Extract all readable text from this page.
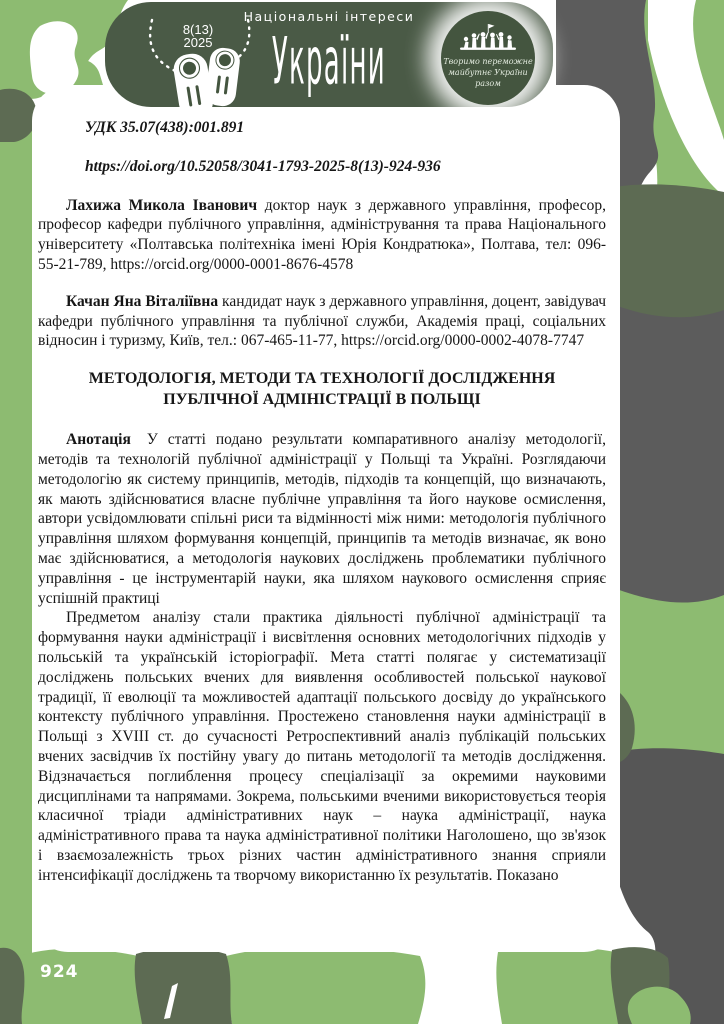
УДК 35.07(438):001.891

https://doi.org/10.52058/3041-1793-2025-8(13)-924-936

Лахижа Микола Іванович доктор наук з державного управління, професор, професор кафедри публічного управління, адміністрування та права Національного університету «Полтавська політехніка імені Юрія Кондратюка», Полтава, тел: 096-55-21-789, https://orcid.org/0000-0001-8676-4578

Качан Яна Віталіївна кандидат наук з державного управління, доцент, завідувач кафедри публічного управління та публічної служби, Академія праці, соціальних відносин і туризму, Київ, тел.: 067-465-11-77, https://orcid.org/0000-0002-4078-7747

МЕТОДОЛОГІЯ, МЕТОДИ ТА ТЕХНОЛОГІЇ ДОСЛІДЖЕННЯ ПУБЛІЧНОЇ АДМІНІСТРАЦІЇ В ПОЛЬЩІ

Анотація У статті подано результати компаративного аналізу методології, методів та технологій публічної адміністрації у Польщі та Україні. Розглядаючи методологію як систему принципів, методів, підходів та концепцій, що визначають, як мають здійснюватися власне публічне управління та його наукове осмислення, автори усвідомлювати спільні риси та відмінності між ними: методологія публічного управління шляхом формування концепцій, принципів та методів визначає, як воно має здійснюватися, а методологія наукових досліджень проблематики публічного управління - це інструментарій науки, яка шляхом наукового осмислення сприяє успішній практиці

Предметом аналізу стали практика діяльності публічної адміністрації та формування науки адміністрації і висвітлення основних методологічних підходів у польській та українській історіографії. Мета статті полягає у систематизації досліджень польських вчених для виявлення особливостей польської наукової традиції, її еволюції та можливостей адаптації польського досвіду до українського контексту публічного управління. Простежено становлення науки адміністрації в Польщі з XVIII ст. до сучасності Ретроспективний аналіз публікацій польських вчених засвідчив їх постійну увагу до питань методології та методів дослідження. Відзначається поглиблення процесу спеціалізації за окремими науковими дисциплінами та напрямами. Зокрема, польськими вченими використовується теорія класичної тріади адміністративних наук – наука адміністрації, наука адміністративного права та наука адміністративної політики Наголошено, що зв'язок і взаємозалежність трьох різних частин адміністративного знання сприяли інтенсифікації досліджень та творчому використанню їх результатів. Показано

8(13)
2025
Національні інтереси
України	Творимо переможне
майбутнє України
разом
924
